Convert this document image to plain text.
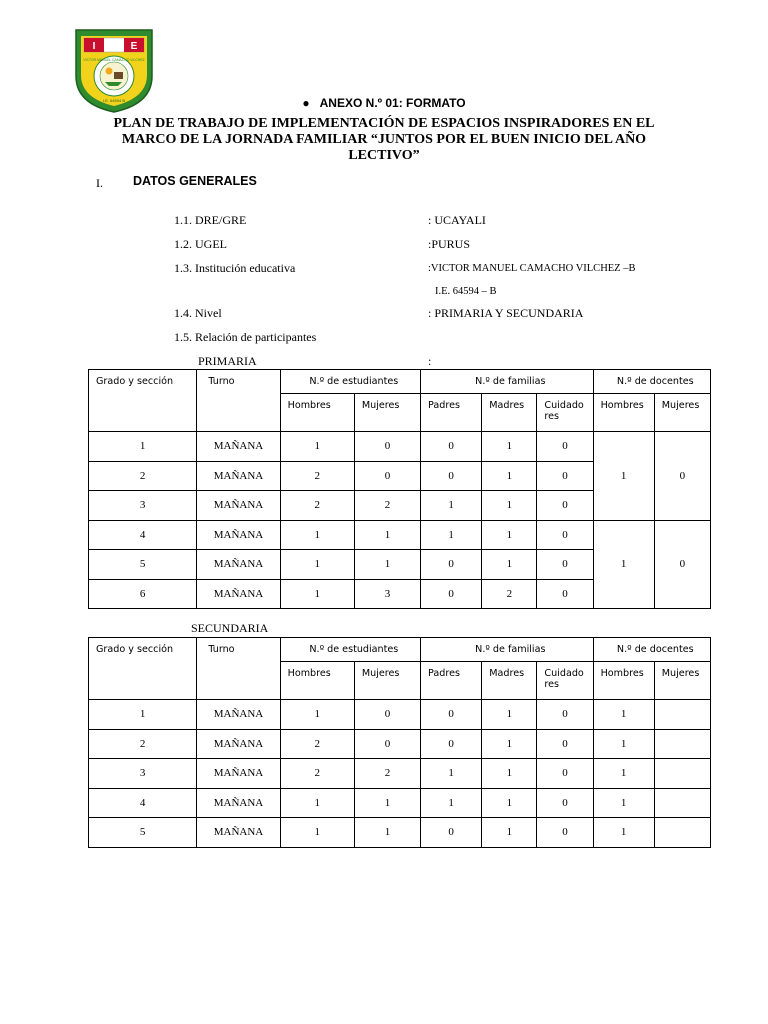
I	E
VICTOR MANUEL CAMACHO VILCHEZ
I.E. 64594 B	● ANEXO N.º 01: FORMATO
PLAN DE TRABAJO DE IMPLEMENTACIÓN DE ESPACIOS INSPIRADORES EN EL
MARCO DE LA JORNADA FAMILIAR “JUNTOS POR EL BUEN INICIO DEL AÑO
LECTIVO”
I. DATOS GENERALES
1.1. DRE/GRE	: UCAYALI
1.2. UGEL	:PURUS
1.3. Institución educativa	:VICTOR MANUEL CAMACHO VILCHEZ –B
I.E. 64594 – B
1.4. Nivel	: PRIMARIA Y SECUNDARIA
1.5. Relación de participantes
PRIMARIA	:
Grado y sección	Turno	N.º de estudiantes		N.º de familias			N.º de docentes	
		Hombres	Mujeres	Padres	Madres	Cuidado res	Hombres	Mujeres
1	MAÑANA	1	0	0	1	0	1	0
2	MAÑANA	2	0	0	1	0		
3	MAÑANA	2	2	1	1	0		
4	MAÑANA	1	1	1	1	0	1	0
5	MAÑANA	1	1	0	1	0		
6	MAÑANA	1	3	0	2	0		
SECUNDARIA
Grado y sección	Turno	N.º de estudiantes		N.º de familias			N.º de docentes	
		Hombres	Mujeres	Padres	Madres	Cuidado res	Hombres	Mujeres
1	MAÑANA	1	0	0	1	0	1	
2	MAÑANA	2	0	0	1	0	1	
3	MAÑANA	2	2	1	1	0	1	
4	MAÑANA	1	1	1	1	0	1	
5	MAÑANA	1	1	0	1	0	1	
